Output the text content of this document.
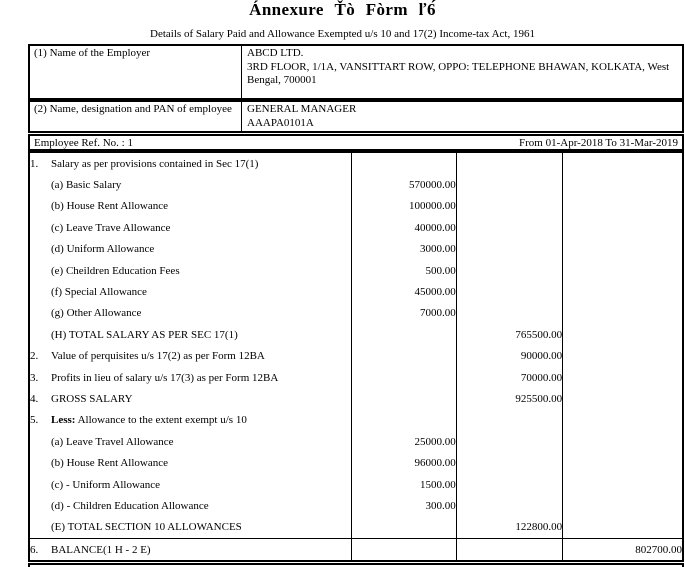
Ánnexure Ťò Fòrm ľ6́
Details of Salary Paid and Allowance Exempted u/s 10 and 17(2) Income-tax Act, 1961
(1) Name of the Employer	ABCD LTD.
3RD FLOOR, 1/1A, VANSITTART ROW, OPPO: TELEPHONE BHAWAN, KOLKATA, West
Bengal, 700001
(2) Name, designation and PAN of employee	GENERAL MANAGER
AAAPA0101A
Employee Ref. No. : 1	From 01-Apr-2018 To 31-Mar-2019
1. Salary as per provisions contained in Sec 17(1)			
(a) Basic Salary	570000.00		
(b) House Rent Allowance	100000.00		
(c) Leave Trave Allowance	40000.00		
(d) Uniform Allowance	3000.00		
(e) Cheildren Education Fees	500.00		
(f) Special Allowance	45000.00		
(g) Other Allowance	7000.00		
(H) TOTAL SALARY AS PER SEC 17(1)		765500.00	
2. Value of perquisites u/s 17(2) as per Form 12BA		90000.00	
3. Profits in lieu of salary u/s 17(3) as per Form 12BA		70000.00	
4. GROSS SALARY		925500.00	
5. Less: Allowance to the extent exempt u/s 10			
(a) Leave Travel Allowance	25000.00		
(b) House Rent Allowance	96000.00		
(c) - Uniform Allowance	1500.00		
(d) - Children Education Allowance	300.00		
(E) TOTAL SECTION 10 ALLOWANCES		122800.00	
6. BALANCE(1 H - 2 E)			802700.00
